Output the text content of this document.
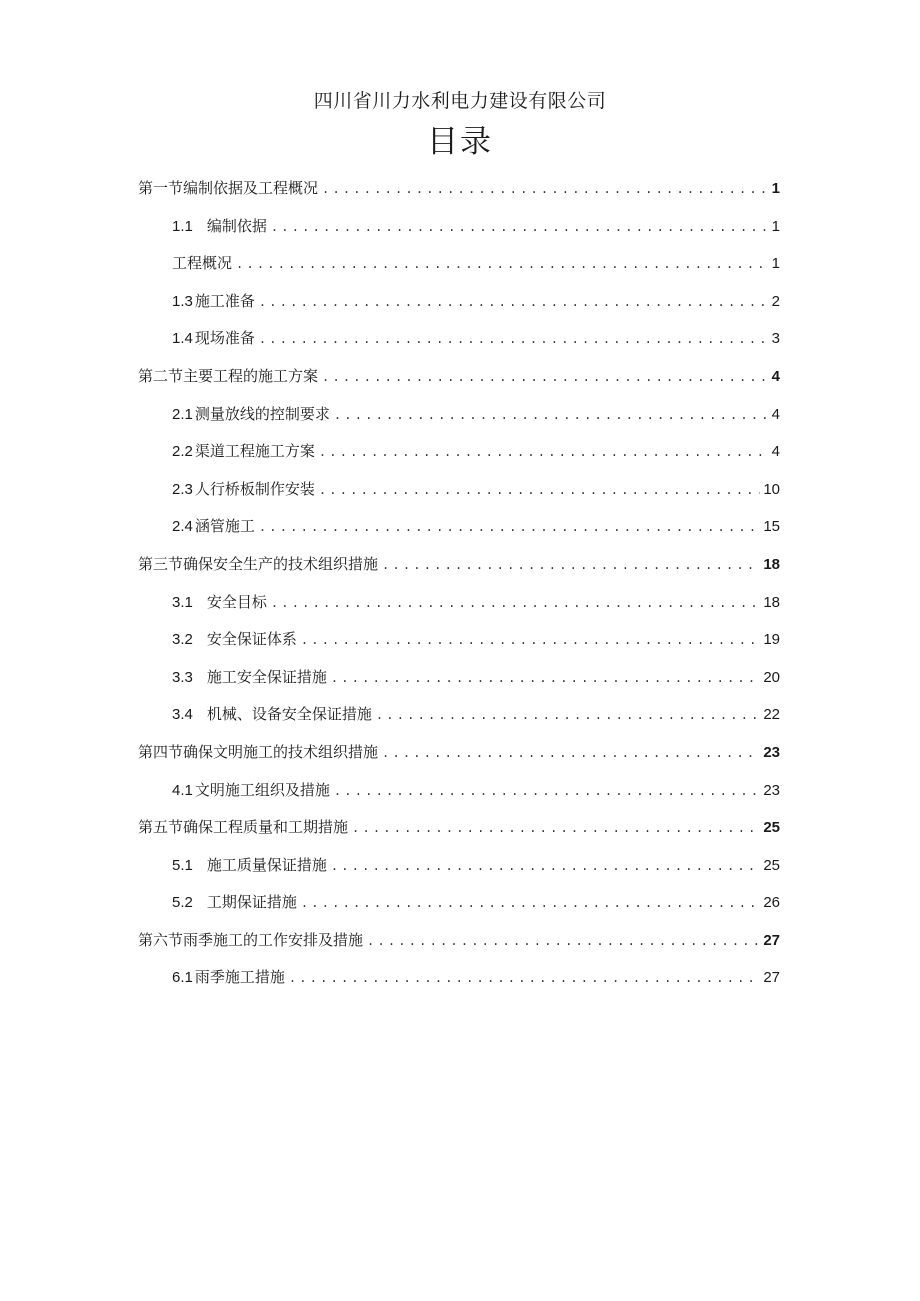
四川省川力水利电力建设有限公司
目录
第一节编制依据及工程概况 .....	1
1.1 编制依据 .....	1
工程概况 .....	1
1.3 施工准备 .....	2
1.4 现场准备 .....	3
第二节主要工程的施工方案 .....	4
2.1 测量放线的控制要求 .....	4
2.2 渠道工程施工方案 .....	4
2.3 人行桥板制作安装 .....	10
2.4 涵管施工 .....	15
第三节确保安全生产的技术组织措施 .....	18
3.1 安全目标 .....	18
3.2 安全保证体系 .....	19
3.3 施工安全保证措施 .....	20
3.4 机械、设备安全保证措施 .....	22
第四节确保文明施工的技术组织措施 .....	23
4.1 文明施工组织及措施 .....	23
第五节确保工程质量和工期措施 .....	25
5.1 施工质量保证措施 .....	25
5.2 工期保证措施 .....	26
第六节雨季施工的工作安排及措施 .....	27
6.1 雨季施工措施 .....	27
